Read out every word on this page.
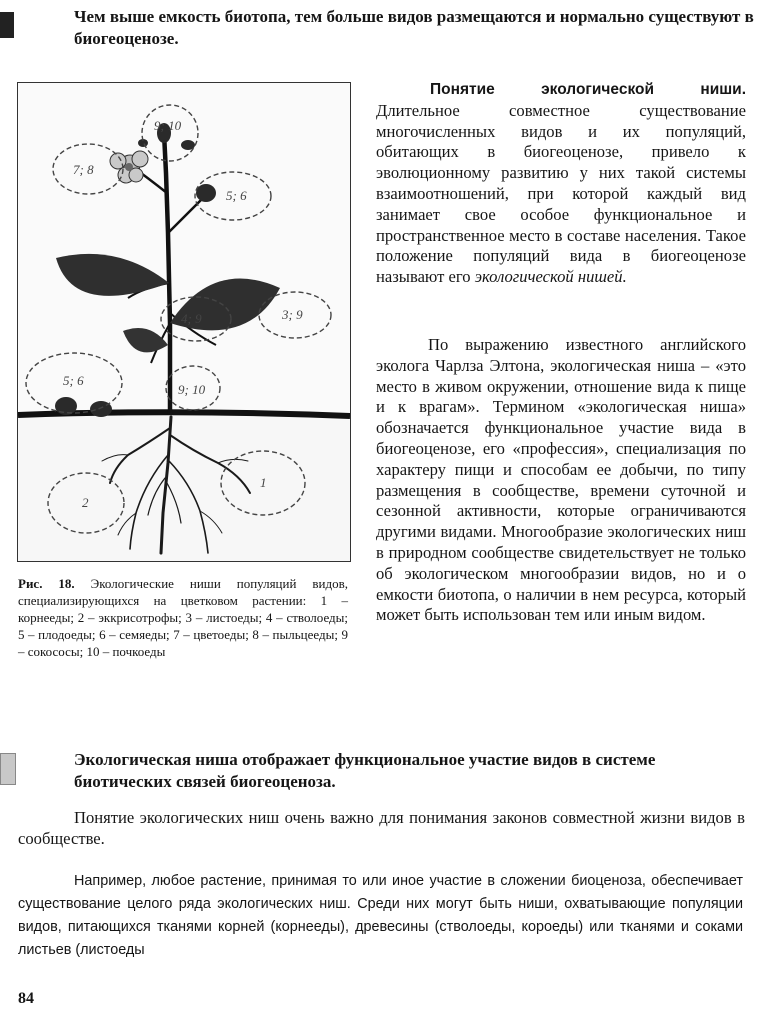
Чем выше емкость биотопа, тем больше видов размещаются и нормально существуют в биогеоценозе.
9; 10
7; 8
5; 6
4; 9	3; 9
5; 6
9; 10
2
1
Рис. 18. Экологические ниши популяций видов, специализирующихся на цветковом растении: 1 – корнееды; 2 – эккрисотрофы; 3 – листоеды; 4 – стволоеды; 5 – плодоеды; 6 – семяеды; 7 – цветоеды; 8 – пыльцееды; 9 – сокососы; 10 – почкоеды
Понятие экологической ниши. Длительное совместное существование многочисленных видов и их популяций, обитающих в биогеоценозе, привело к эволюционному развитию у них такой системы взаимоотношений, при которой каждый вид занимает свое особое функциональное и пространственное место в составе населения. Такое положение популяций вида в биогеоценозе называют его экологической нишей.
По выражению известного английского эколога Чарлза Элтона, экологическая ниша – «это место в живом окружении, отношение вида к пище и к врагам». Термином «экологическая ниша» обозначается функциональное участие вида в биогеоценозе, его «профессия», специализация по характеру пищи и способам ее добычи, по типу размещения в сообществе, времени суточной и сезонной активности, которые ограничиваются другими видами. Многообразие экологических ниш в природном сообществе свидетельствует не только об экологическом многообразии видов, но и о емкости биотопа, о наличии в нем ресурса, который может быть использован тем или иным видом.
Экологическая ниша отображает функциональное участие видов в системе биотических связей биогеоценоза.
Понятие экологических ниш очень важно для понимания законов совместной жизни видов в сообществе.
Например, любое растение, принимая то или иное участие в сложении биоценоза, обеспечивает существование целого ряда экологических ниш. Среди них могут быть ниши, охватывающие популяции видов, питающихся тканями корней (корнееды), древесины (стволоеды, короеды) или тканями и соками листьев (листоеды
84
